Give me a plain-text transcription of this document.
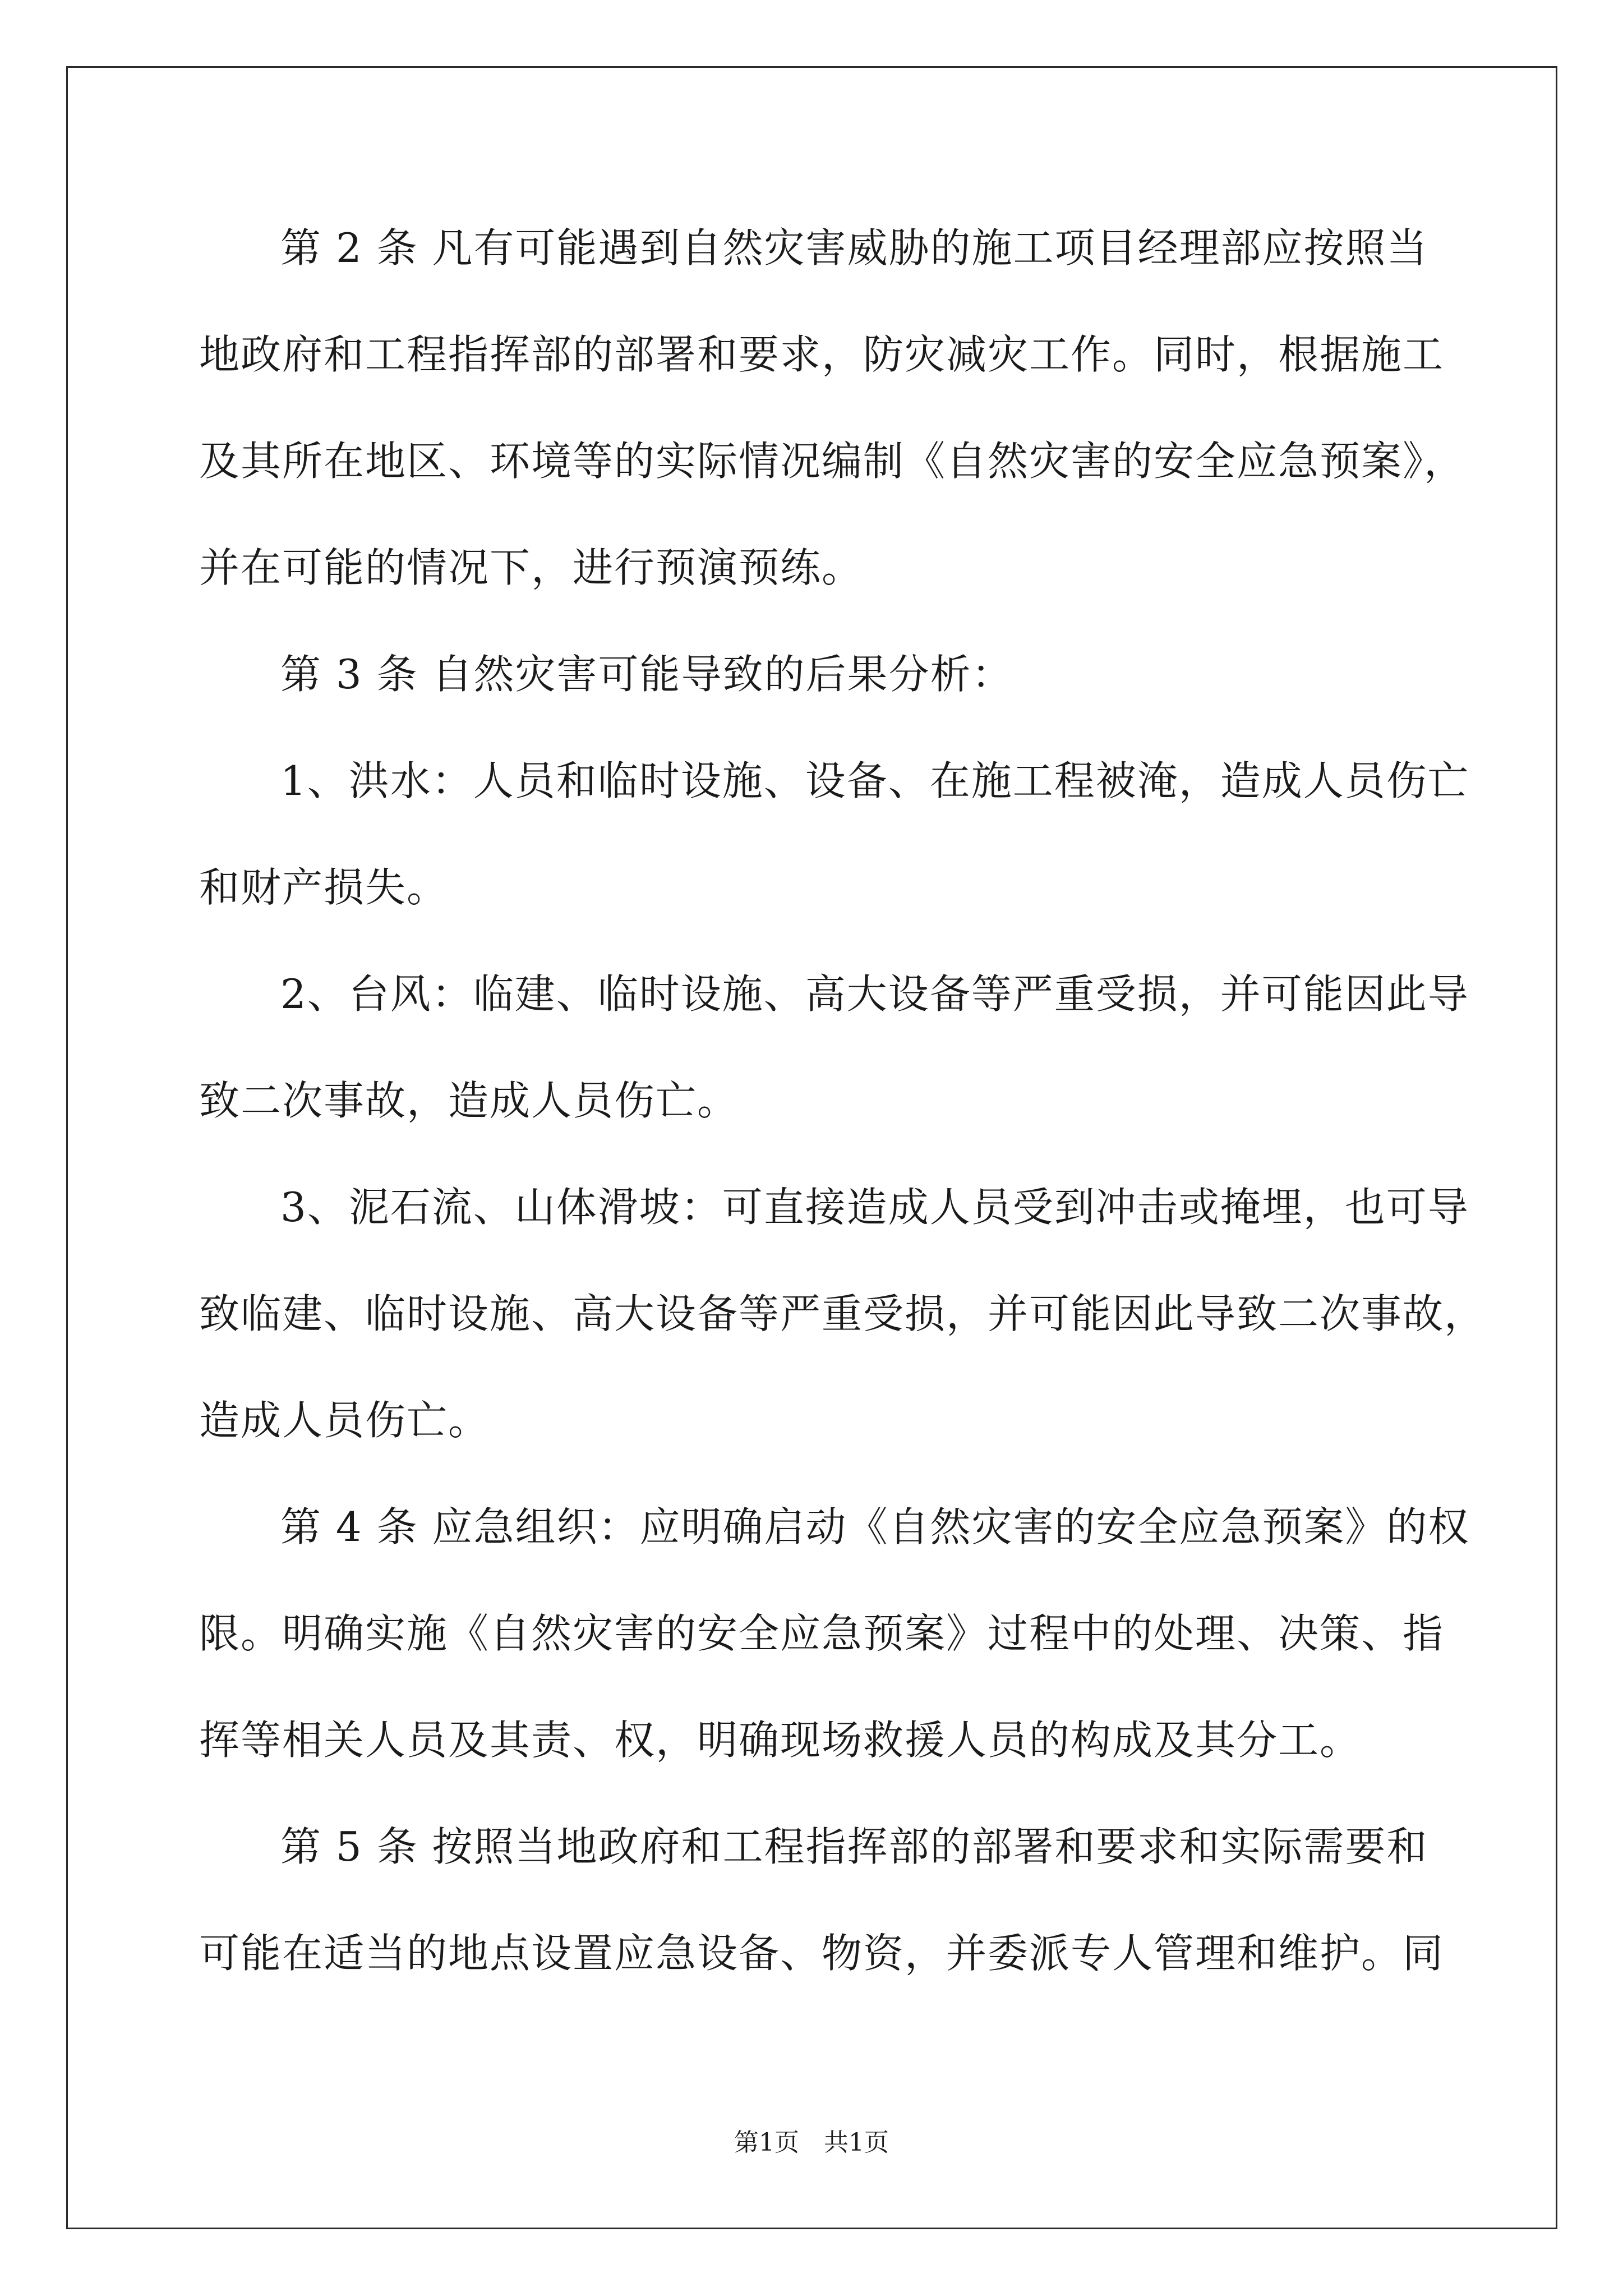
第 2 条 凡有可能遇到自然灾害威胁的施工项目经理部应按照当
地政府和工程指挥部的部署和要求，防灾减灾工作。同时，根据施工
及其所在地区、环境等的实际情况编制《自然灾害的安全应急预案》，
并在可能的情况下，进行预演预练。
第 3 条 自然灾害可能导致的后果分析：
1、洪水：人员和临时设施、设备、在施工程被淹，造成人员伤亡
和财产损失。
2、台风：临建、临时设施、高大设备等严重受损，并可能因此导
致二次事故，造成人员伤亡。
3、泥石流、山体滑坡：可直接造成人员受到冲击或掩埋，也可导
致临建、临时设施、高大设备等严重受损，并可能因此导致二次事故，
造成人员伤亡。
第 4 条 应急组织：应明确启动《自然灾害的安全应急预案》的权
限。明确实施《自然灾害的安全应急预案》过程中的处理、决策、指
挥等相关人员及其责、权，明确现场救援人员的构成及其分工。
第 5 条 按照当地政府和工程指挥部的部署和要求和实际需要和
可能在适当的地点设置应急设备、物资，并委派专人管理和维护。同
第1页 共1页
